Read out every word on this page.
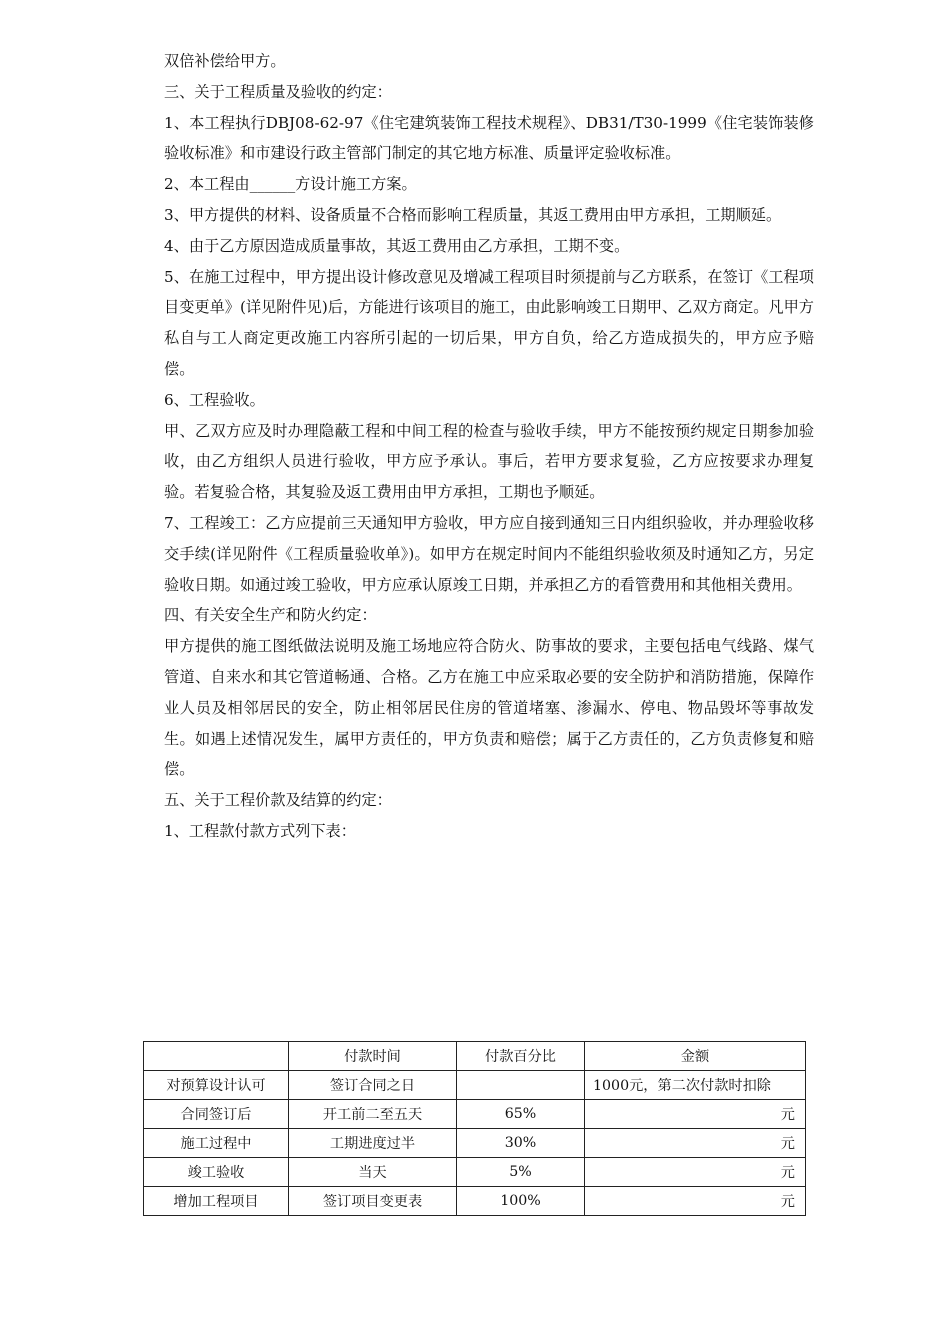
双倍补偿给甲方。

三、关于工程质量及验收的约定：

1、本工程执行DBJ08-62-97《住宅建筑装饰工程技术规程》、DB31/T30-1999《住宅装饰装修验收标准》和市建设行政主管部门制定的其它地方标准、质量评定验收标准。

2、本工程由______方设计施工方案。

3、甲方提供的材料、设备质量不合格而影响工程质量，其返工费用由甲方承担，工期顺延。

4、由于乙方原因造成质量事故，其返工费用由乙方承担，工期不变。

5、在施工过程中，甲方提出设计修改意见及增减工程项目时须提前与乙方联系，在签订《工程项目变更单》(详见附件见)后，方能进行该项目的施工，由此影响竣工日期甲、乙双方商定。凡甲方私自与工人商定更改施工内容所引起的一切后果，甲方自负，给乙方造成损失的，甲方应予赔偿。

6、工程验收。

甲、乙双方应及时办理隐蔽工程和中间工程的检查与验收手续，甲方不能按预约规定日期参加验收，由乙方组织人员进行验收，甲方应予承认。事后，若甲方要求复验，乙方应按要求办理复验。若复验合格，其复验及返工费用由甲方承担，工期也予顺延。

7、工程竣工：乙方应提前三天通知甲方验收，甲方应自接到通知三日内组织验收，并办理验收移交手续(详见附件《工程质量验收单》)。如甲方在规定时间内不能组织验收须及时通知乙方，另定验收日期。如通过竣工验收，甲方应承认原竣工日期，并承担乙方的看管费用和其他相关费用。

四、有关安全生产和防火约定：

甲方提供的施工图纸做法说明及施工场地应符合防火、防事故的要求，主要包括电气线路、煤气管道、自来水和其它管道畅通、合格。乙方在施工中应采取必要的安全防护和消防措施，保障作业人员及相邻居民的安全，防止相邻居民住房的管道堵塞、渗漏水、停电、物品毁坏等事故发生。如遇上述情况发生，属甲方责任的，甲方负责和赔偿；属于乙方责任的，乙方负责修复和赔偿。

五、关于工程价款及结算的约定：

1、工程款付款方式列下表：

	付款时间	付款百分比	金额
对预算设计认可	签订合同之日		1000元，第二次付款时扣除
合同签订后	开工前二至五天	65%	元
施工过程中	工期进度过半	30%	元
竣工验收	当天	5%	元
增加工程项目	签订项目变更表	100%	元
